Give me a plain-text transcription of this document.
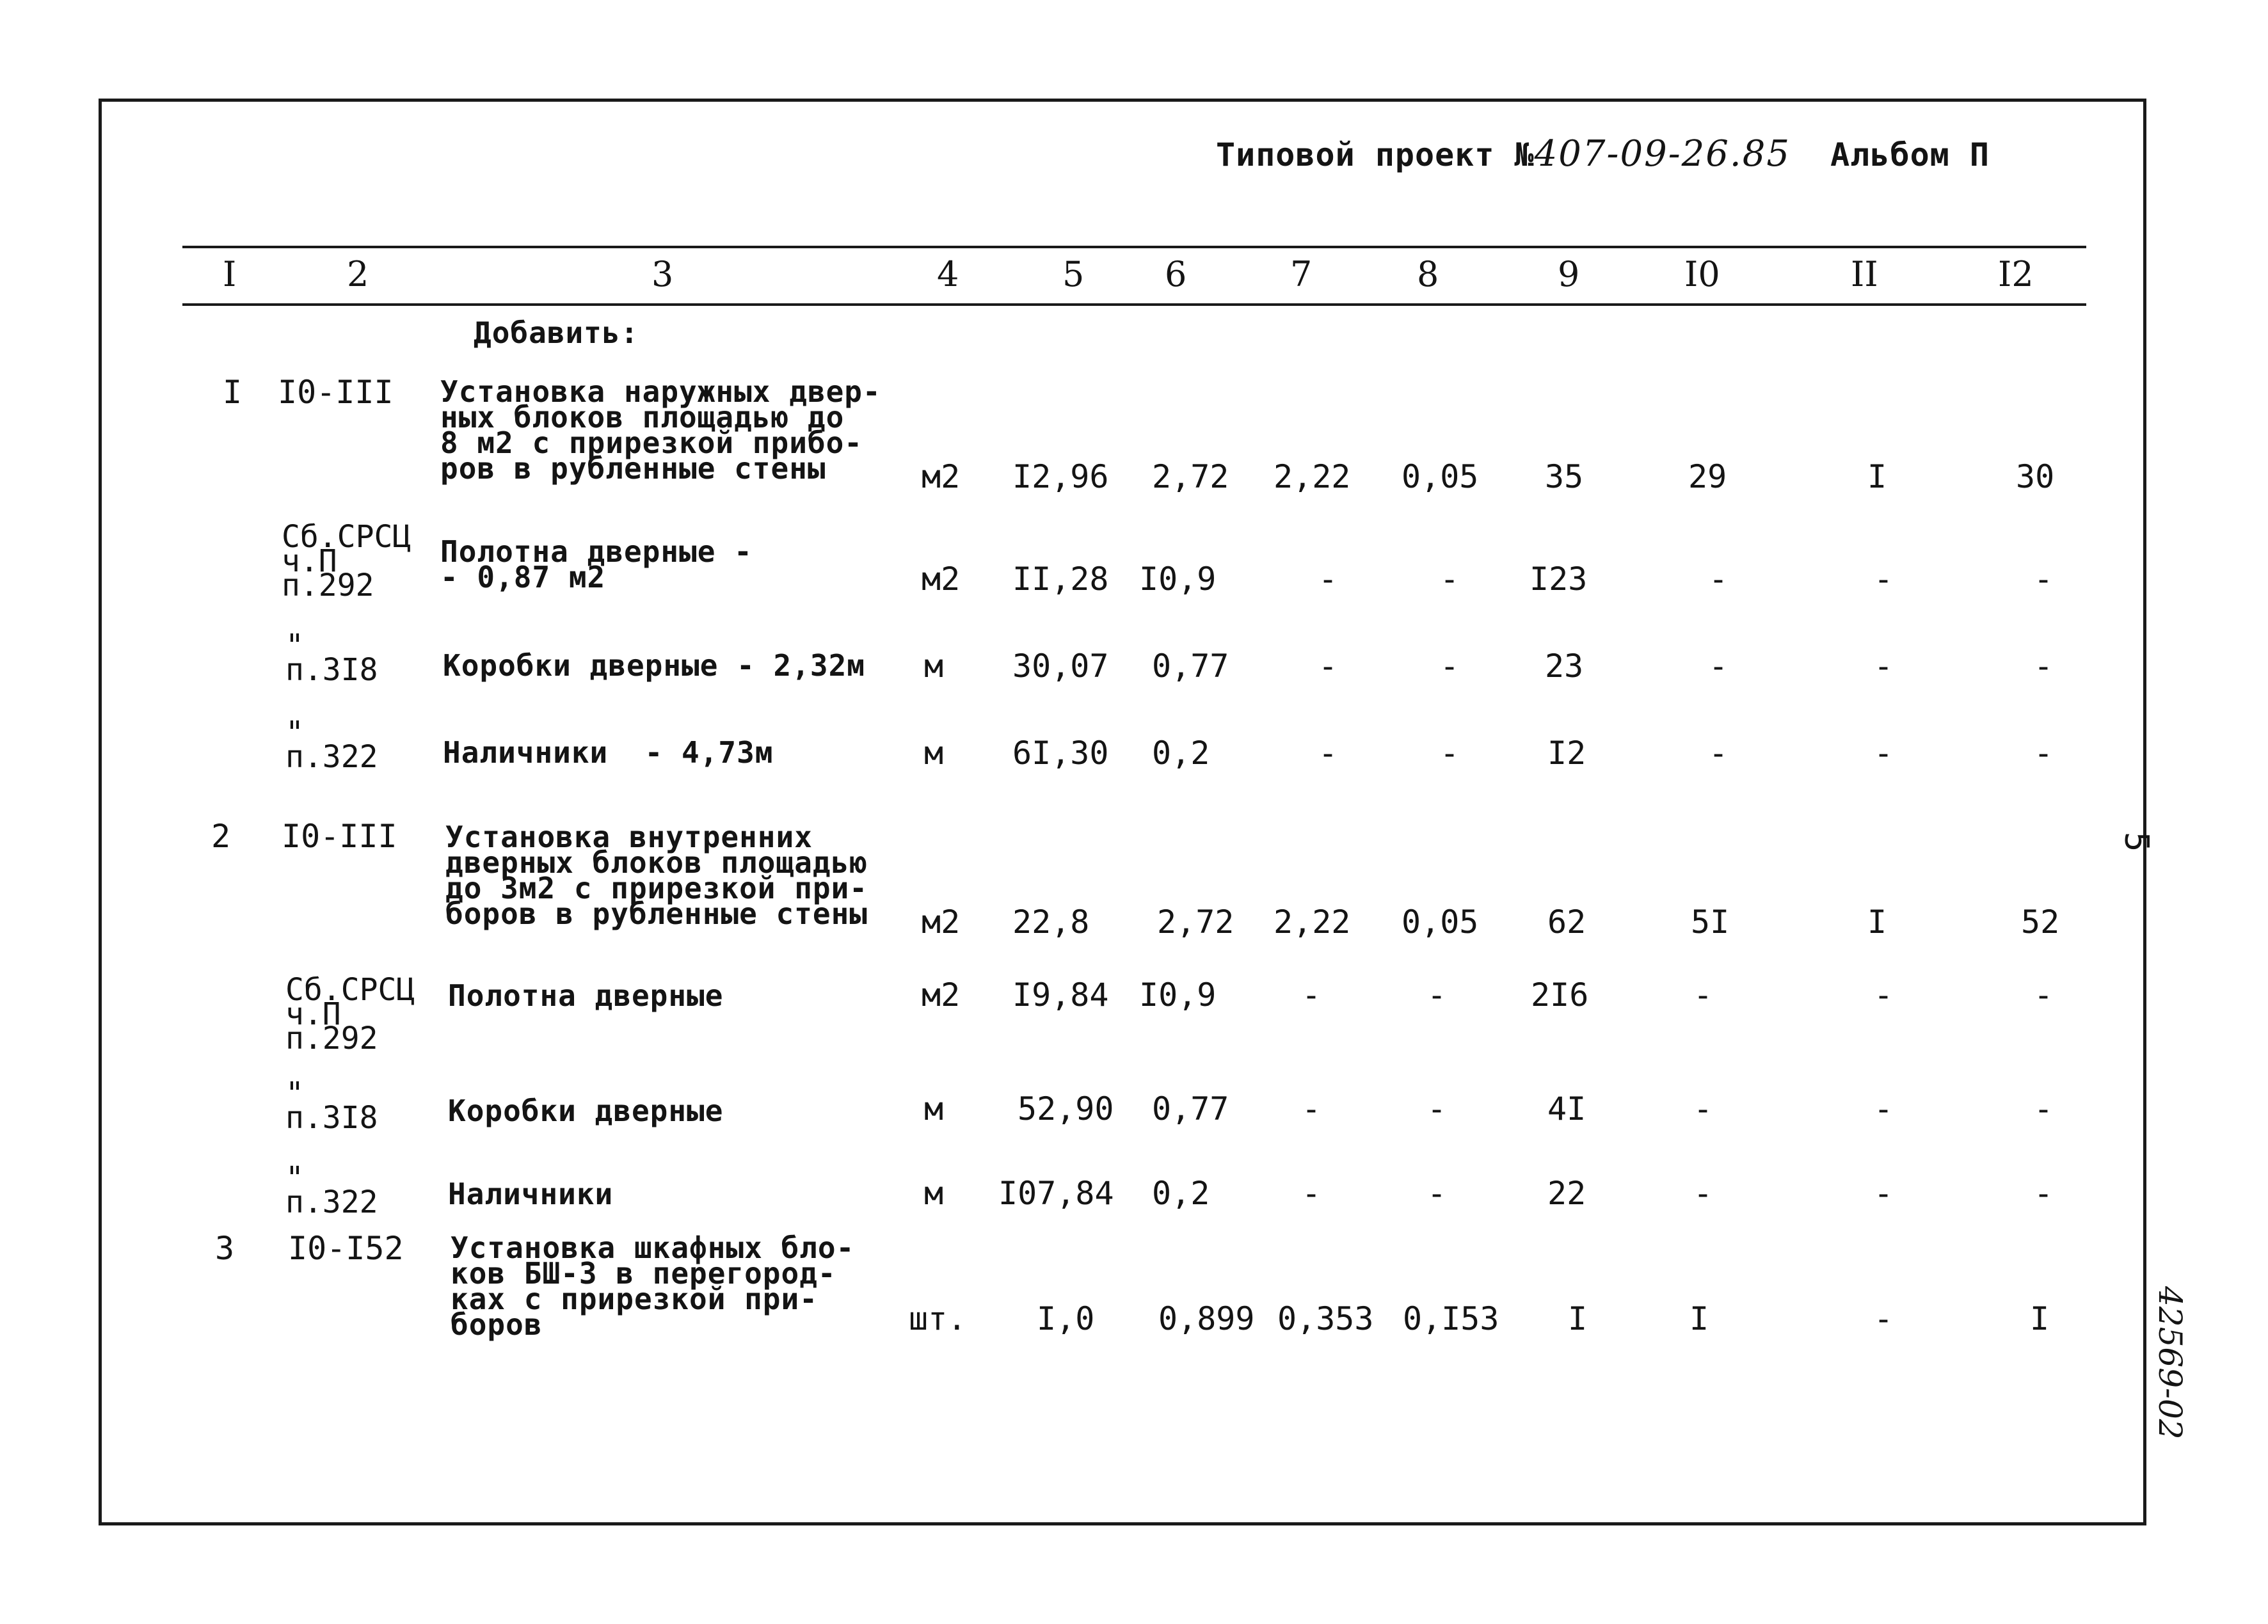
Типовой проект №407-09-26.85 Альбом П
I	2	3	4	5 6	7	8	9	I0	II	I2
Добавить:
I I0-III Установка наружных двер-
ных блоков площадью до
8 м2 с прирезкой прибо-
ров в рубленные стены	м2 I2,96 2,72 2,22 0,05 35	29	I	30
Сб.СРСЦ
ч.П
п.292
Полотна дверные -
- 0,87 м2	м2 II,28 I0,9	-	- I23	-	-	-
"
п.3I8 Коробки дверные - 2,32м м 30,07 0,77	-	-	23	-	-	-
"
п.322 Наличники  - 4,73м	м 6I,30 0,2	-	-	I2	-	-	-
2 I0-III Установка внутренних
дверных блоков площадью
до 3м2 с прирезкой при-
боров в рубленные стены м2 22,8 2,72 2,22 0,05 62	5I	I	52
Сб.СРСЦ
ч.П
п.292
Полотна дверные	м2 I9,84 I0,9	-	-	2I6	-	-	-
"
п.3I8 Коробки дверные	м 52,90 0,77 -	-	4I	-	-	-
"
п.322 Наличники	м I07,84 0,2	-	-	22	-	-	-
3 I0-I52 Установка шкафных бло-
ков БШ-3 в перегород-
ках с прирезкой при-
боров	шт. I,0 0,899 0,353 0,I53 I	I	-	I
5
42569-02
